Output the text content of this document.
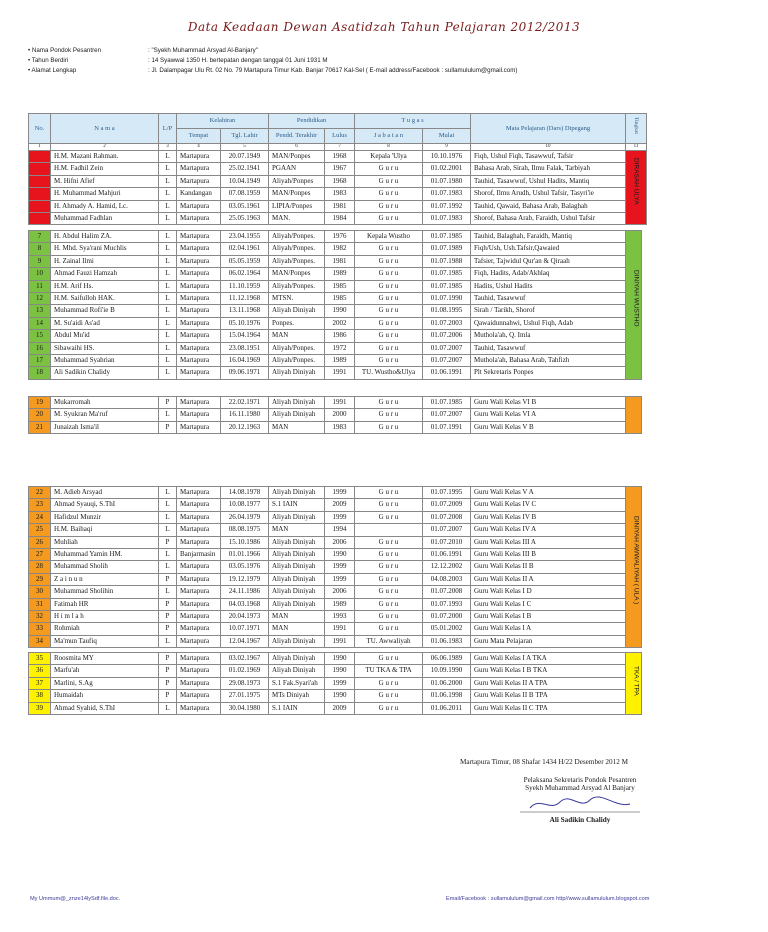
Data Keadaan Dewan Asatidzah Tahun Pelajaran 2012/2013
• Nama Pondok Pesantren	: "Syekh Muhammad Arsyad Al-Banjary"
• Tahun Berdiri	: 14 Syawwal 1350 H. bertepatan dengan tanggal 01 Juni 1931 M
• Alamat Lengkap	: Jl. Dalampagar Ulu Rt. 02 No. 79 Martapura Timur Kab. Banjar 70617 Kal-Sel ( E-mail address/Facebook : sullamululum@gmail.com)
No.	N a m a	L/P	Kelahiran		Pendidikan		T u g a s		Mata Pelajaran (Dars) Dipegang	Tingkat
			Tempat	Tgl. Lahir	Pendd. Terakhir	Lulus	J a b a t a n	Mulai		
1	2	3	4	5	6	7	8	9	10	11
1	H.M. Mazani Rahman.	L	Martapura	20.07.1949	MAN/Ponpes	1968	Kepala 'Ulya	10.10.1976	Fiqh, Ushul Fiqh, Tasawwuf, Tafsir	
2	H.M. Fadhil Zein	L	Martapura	25.02.1941	PGAAN	1967	G u r u	01.02.2001	Bahasa Arab, Sirah, Ilmu Falak, Tarbiyah	
3	M. Hifni Afief	L	Martapura	10.04.1949	Aliyah/Ponpes	1968	G u r u	01.07.1980	Tauhid, Tasawwuf, Ushul Hadits, Mantiq	
4	H. Muhammad Mahjuri	L	Kandangan	07.08.1959	MAN/Ponpes	1983	G u r u	01.07.1983	Shorof, Ilmu Arudh, Ushul Tafsir, Tasyri'ie	
5	H. Ahmady A. Hamid, Lc.	L	Martapura	03.05.1961	LIPIA/Ponpes	1981	G u r u	01.07.1992	Tauhid, Qawaid, Bahasa Arab, Balaghah	
6	Muhammad Fadhlan	L	Martapura	25.05.1963	MAN.	1984	G u r u	01.07.1983	Shorof, Bahasa Arab, Faraidh, Ushul Tafsir	
DIRASAH ULYA
7	H. Abdul Halim ZA.	L	Martapura	23.04.1955	Aliyah/Ponpes.	1976	Kepala Wustho	01.07.1985	Tauhid, Balaghah, Faraidh, Mantiq	
8	H. Mhd. Sya'rani Muchlis	L	Martapura	02.04.1961	Aliyah/Ponpes.	1982	G u r u	01.07.1989	Fiqh/Ush, Ush.Tafsir,Qawaied	
9	H. Zainal Ilmi	L	Martapura	05.05.1959	Aliyah/Ponpes.	1981	G u r u	01.07.1988	Tafsier, Tajwidul Qur'an & Qiraah	
10	Ahmad Fauzi Hamzah	L	Martapura	06.02.1964	MAN/Ponpes	1989	G u r u	01.07.1985	Fiqh, Hadits, Adab/Akhlaq	
11	H.M. Arif Hs.	L	Martapura	11.10.1959	Aliyah/Ponpes.	1985	G u r u	01.07.1985	Hadits, Ushul Hadits	
12	H.M. Saifulloh HAK.	L	Martapura	11.12.1968	MTSN.	1985	G u r u	01.07.1990	Tauhid, Tasawwuf	
13	Muhammad Rofi'ie B	L	Martapura	13.11.1968	Aliyah Diniyah	1990	G u r u	01.08.1995	Sirah / Tarikh, Shorof	
14	M. Su'aidi As'ad	L	Martapura	05.10.1976	Ponpes.	2002	G u r u	01.07.2003	Qawaidunnahwi, Ushul Fiqh, Adab	
15	Abdul Mu'id	L	Martapura	15.04.1964	MAN	1986	G u r u	01.07.2006	Muthola'ah, Q. Imla	
16	Sibawaihi HS.	L	Martapura	23.08.1951	Aliyah/Ponpes.	1972	G u r u	01.07.2007	Tauhid, Tasawwuf	
17	Muhammad Syahrian	L	Martapura	16.04.1969	Aliyah/Ponpes.	1989	G u r u	01.07.2007	Muthola'ah, Bahasa Arab, Tahfizh	
18	Ali Sadikin Chalidy	L	Martapura	09.06.1971	Aliyah Diniyah	1991	TU. Wustho&Ulya	01.06.1991	Plt Sekretaris Ponpes	
DINIYAH WUSTHO
19	Mukarromah	P	Martapura	22.02.1971	Aliyah Diniyah	1991	G u r u	01.07.1985	Guru Wali Kelas VI B	
20	M. Syukran Ma'ruf	L	Martapura	16.11.1980	Aliyah Diniyah	2000	G u r u	01.07.2007	Guru Wali Kelas VI A	
21	Junaizah Isma'il	P	Martapura	20.12.1963	MAN	1983	G u r u	01.07.1991	Guru Wali Kelas V B	
22	M. Adieb Arsyad	L	Martapura	14.08.1978	Aliyah Diniyah	1999	G u r u	01.07.1995	Guru Wali Kelas V A	
23	Ahmad Syauqi, S.ThI	L	Martapura	10.08.1977	S.1 IAIN	2009	G u r u	01.07.2009	Guru Wali Kelas IV C	
24	Hafidzul Munzir	L	Martapura	26.04.1979	Aliyah Diniyah	1999	G u r u	01.07.2008	Guru Wali Kelas IV B	
25	H.M. Baihaqi	L	Martapura	08.08.1975	MAN	1994		01.07.2007	Guru Wali Kelas IV A	
26	Muhliah	P	Martapura	15.10.1986	Aliyah Diniyah	2006	G u r u	01.07.2010	Guru Wali Kelas III A	
27	Muhammad Yamin HM.	L	Banjarmasin	01.01.1966	Aliyah Diniyah	1990	G u r u	01.06.1991	Guru Wali Kelas III B	
28	Muhammad Sholih	L	Martapura	03.05.1976	Aliyah Diniyah	1999	G u r u	12.12.2002	Guru Wali Kelas II B	
29	Z a i n u n	P	Martapura	19.12.1979	Aliyah Diniyah	1999	G u r u	04.08.2003	Guru Wali Kelas II A	
30	Muhammad Sholihin	L	Martapura	24.11.1986	Aliyah Diniyah	2006	G u r u	01.07.2008	Guru Wali Kelas I D	
31	Fatimah HR	P	Martapura	04.03.1968	Aliyah Diniyah	1989	G u r u	01.07.1993	Guru Wali Kelas I C	
32	H i m l a h	P	Martapura	20.04.1973	MAN	1993	G u r u	01.07.2000	Guru Wali Kelas I B	
33	Rohmiah	P	Martapura	10.07.1971	MAN	1991	G u r u	05.01.2002	Guru Wali Kelas I A	
34	Ma'mun Taufiq	L	Martapura	12.04.1967	Aliyah Diniyah	1991	TU. Awwaliyah	01.06.1983	Guru Mata Pelajaran	
DINIYAH AWWALIYAH ( ULA )
35	Roosmita MY	P	Martapura	03.02.1967	Aliyah Diniyah	1990	G u r u	06.06.1989	Guru Wali Kelas I A TKA	
36	Marfu'ah	P	Martapura	01.02.1969	Aliyah Diniyah	1990	TU TKA & TPA	10.09.1990	Guru Wali Kelas I B TKA	
37	Marlini, S.Ag	P	Martapura	29.08.1973	S.1 Fak.Syari'ah	1999	G u r u	01.06.2000	Guru Wali Kelas II A TPA	
38	Humaidah	P	Martapura	27.01.1975	MTs Diniyah	1990	G u r u	01.06.1998	Guru Wali Kelas II B TPA	
39	Ahmad Syahid, S.ThI	L	Martapura	30.04.1980	S.1 IAIN	2009	G u r u	01.06.2011	Guru Wali Kelas II C TPA	
TKA / TPA
Martapura Timur, 08 Shafar 1434 H/22 Desember 2012 M
Pelaksana Sekretaris Pondok Pesantren
Syekh Muhammad Arsyad Al Banjary
Ali Sadikin Chalidy
My Ummum@_znze14lySdf.file.doc.	Email/Facebook : sullamululum@gmail.com http//www.sullamululum.blogspot.com
